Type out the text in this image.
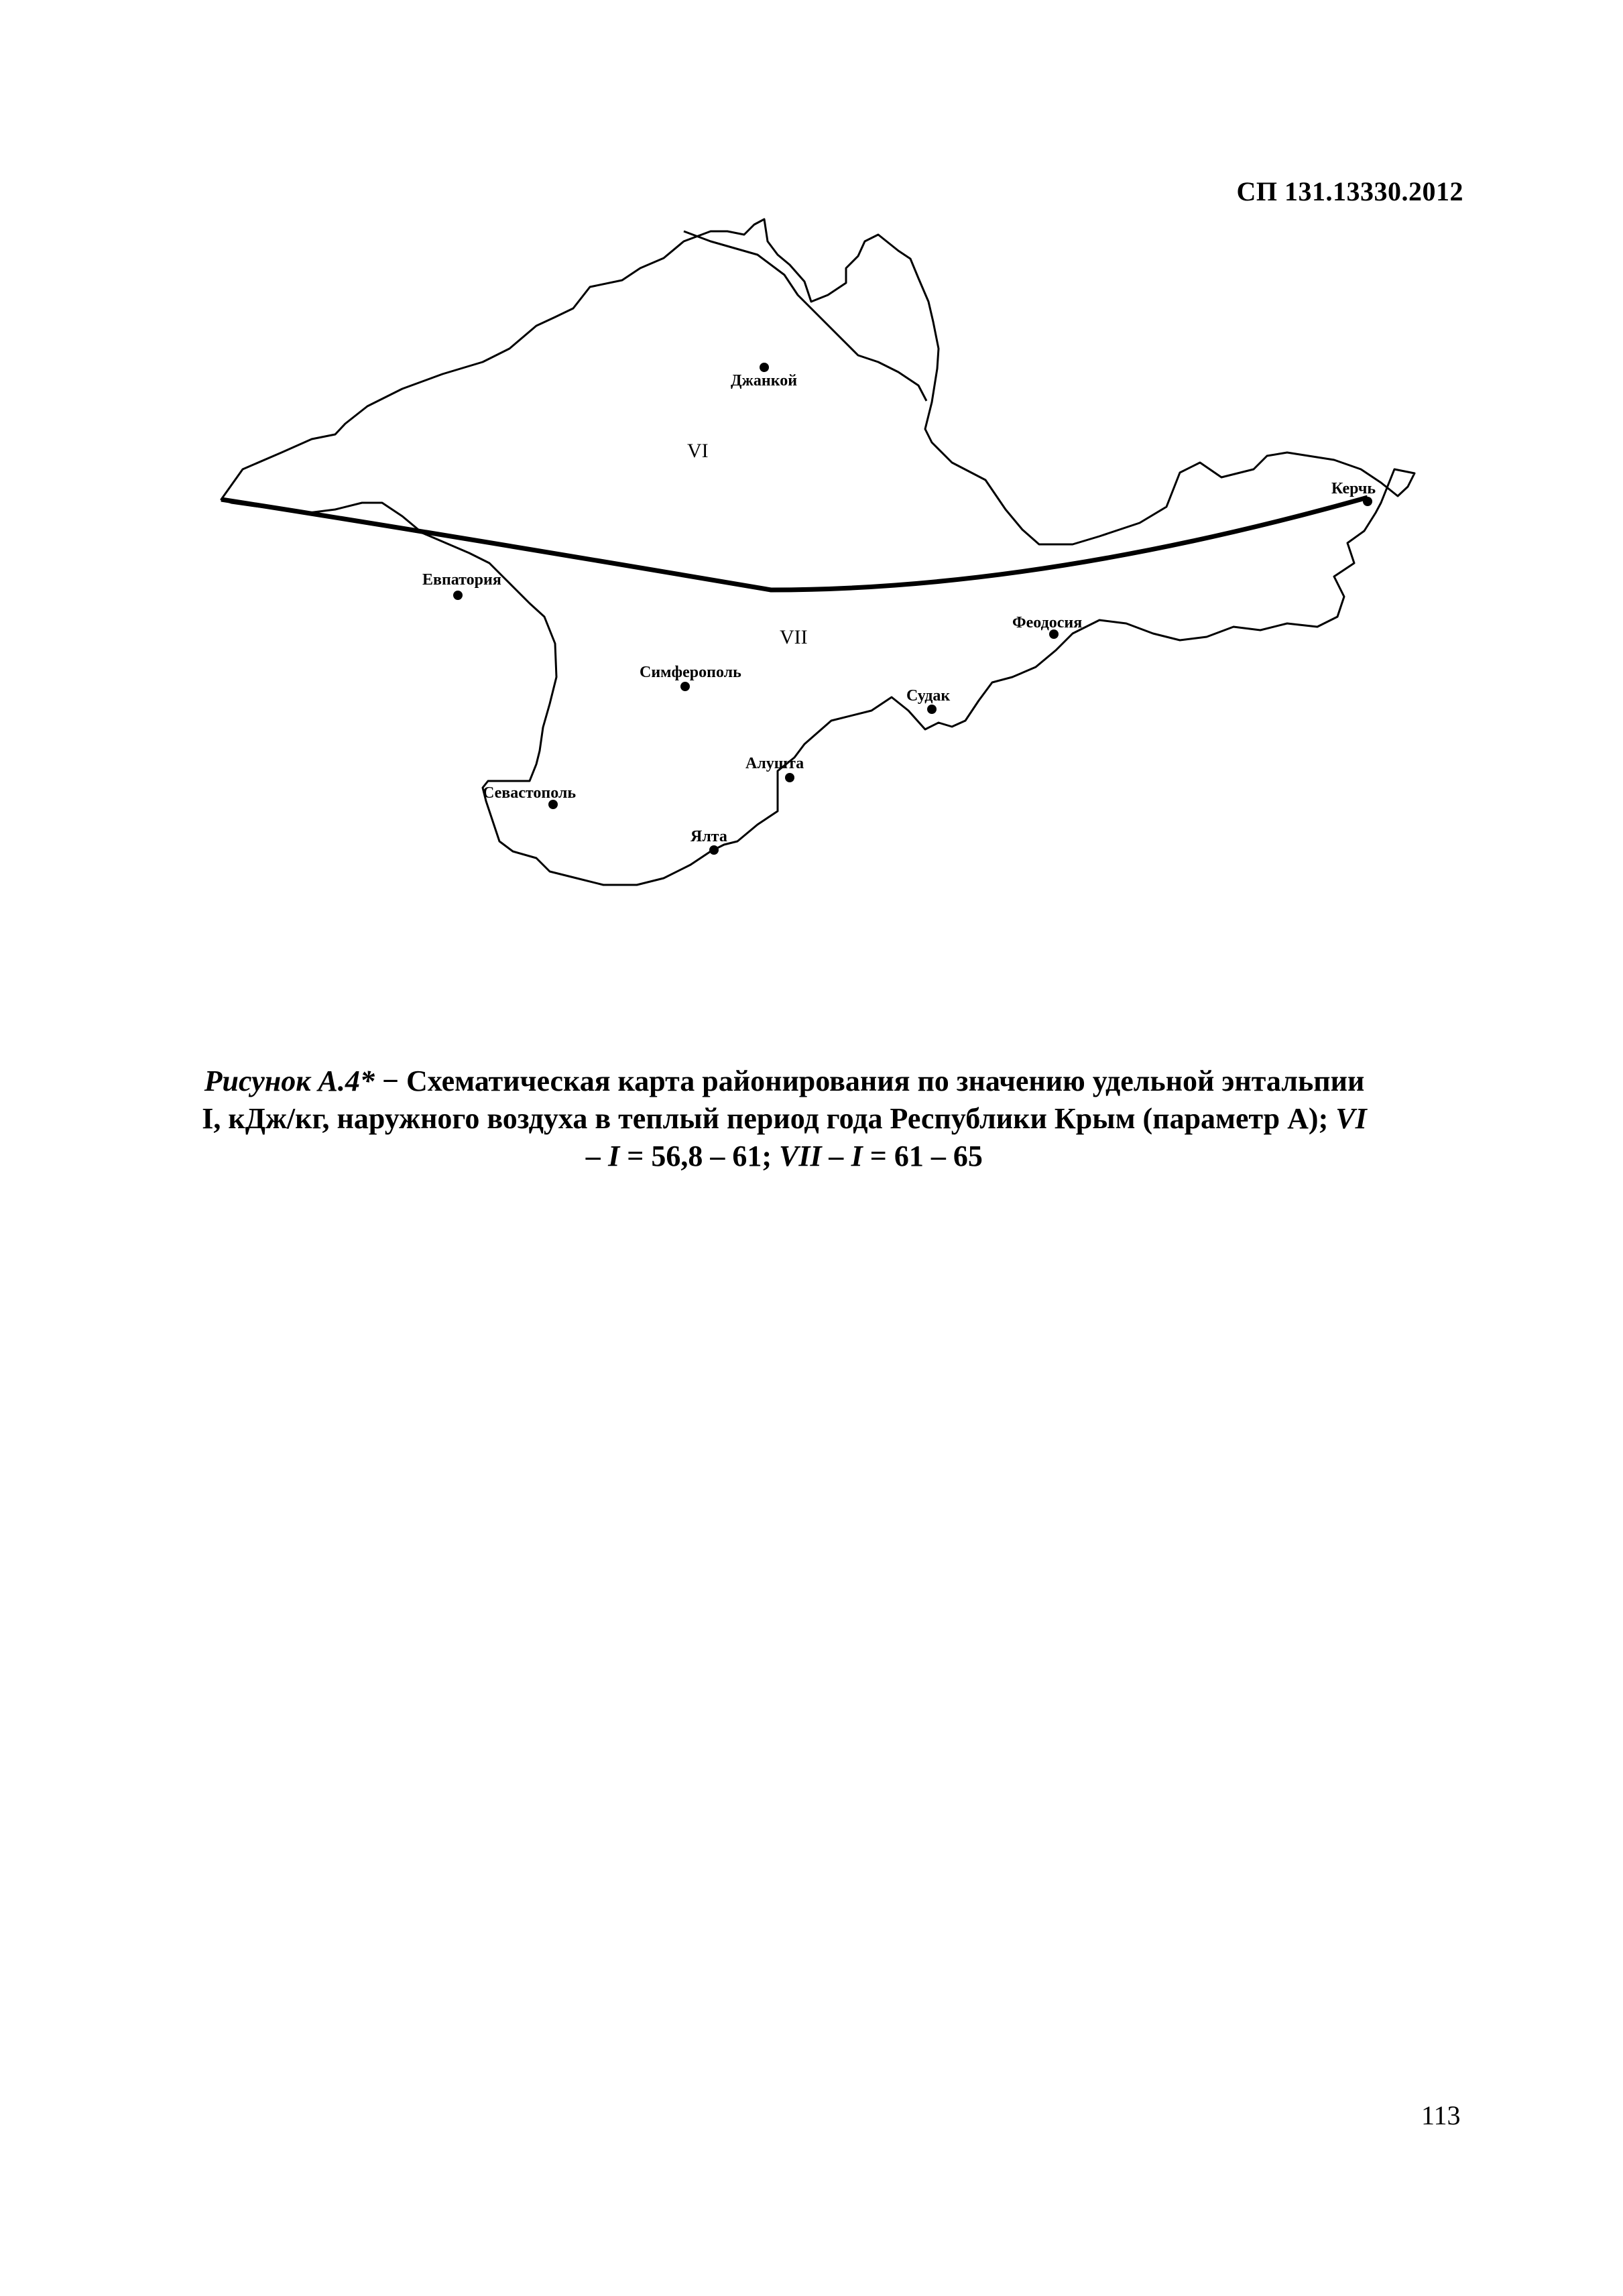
СП 131.13330.2012
Джанкой
Керчь
Евпатория
Феодосия
Симферополь
Судак
Алушта
Севастополь
Ялта
VI
VII
Рисунок А.4* − Схематическая карта районирования по значению удельной энтальпии I, кДж/кг, наружного воздуха в теплый период года Республики Крым (параметр А); VI – I = 56,8 – 61; VII – I = 61 – 65
113
